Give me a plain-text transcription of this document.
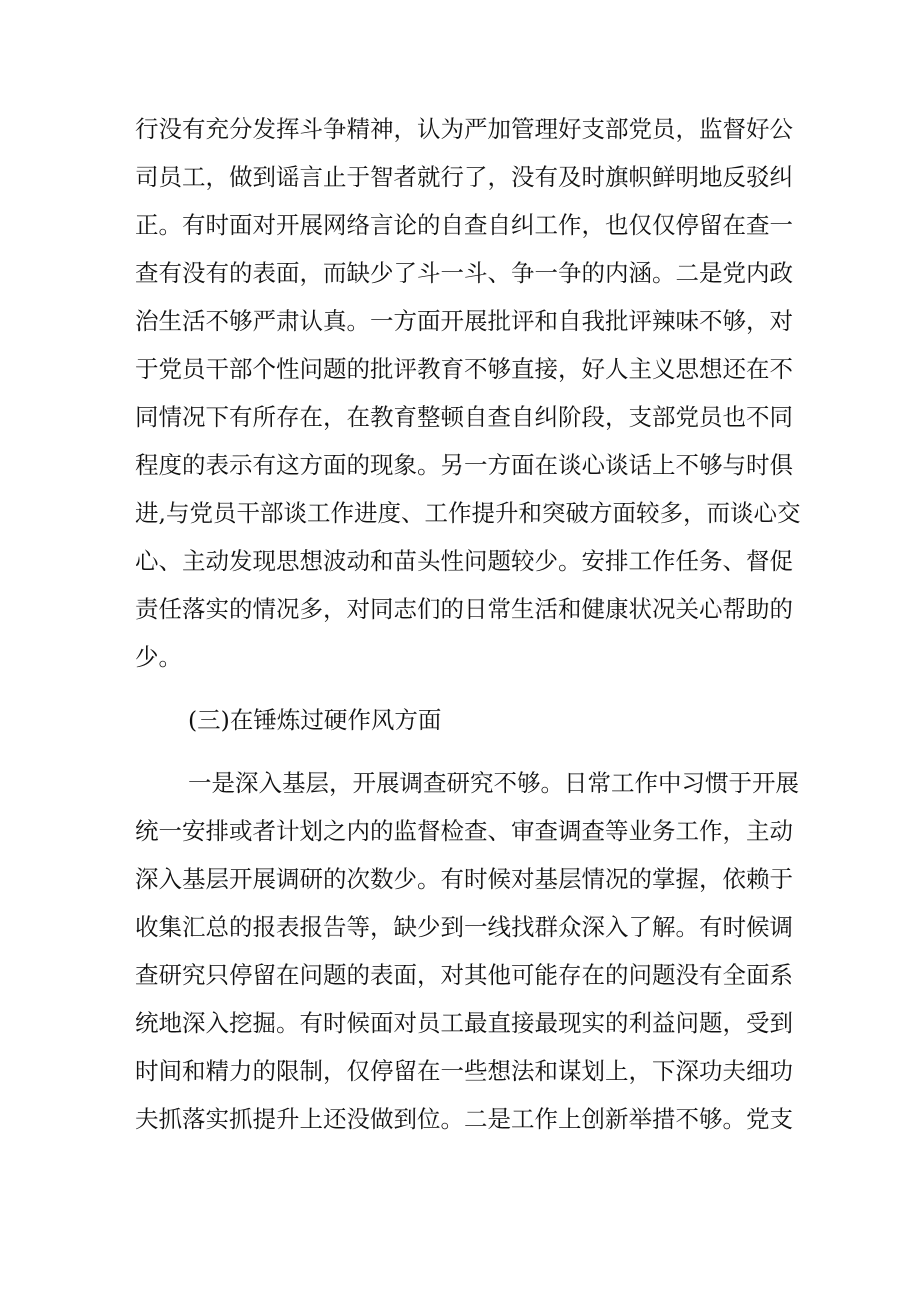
行没有充分发挥斗争精神，认为严加管理好支部党员，监督好公
司员工，做到谣言止于智者就行了，没有及时旗帜鲜明地反驳纠
正。有时面对开展网络言论的自查自纠工作，也仅仅停留在查一
查有没有的表面，而缺少了斗一斗、争一争的内涵。二是党内政
治生活不够严肃认真。一方面开展批评和自我批评辣味不够，对
于党员干部个性问题的批评教育不够直接，好人主义思想还在不
同情况下有所存在，在教育整顿自查自纠阶段，支部党员也不同
程度的表示有这方面的现象。另一方面在谈心谈话上不够与时俱
进,与党员干部谈工作进度、工作提升和突破方面较多，而谈心交
心、主动发现思想波动和苗头性问题较少。安排工作任务、督促
责任落实的情况多，对同志们的日常生活和健康状况关心帮助的
少。
(三)在锤炼过硬作风方面
一是深入基层，开展调查研究不够。日常工作中习惯于开展
统一安排或者计划之内的监督检查、审查调查等业务工作，主动
深入基层开展调研的次数少。有时候对基层情况的掌握，依赖于
收集汇总的报表报告等，缺少到一线找群众深入了解。有时候调
查研究只停留在问题的表面，对其他可能存在的问题没有全面系
统地深入挖掘。有时候面对员工最直接最现实的利益问题，受到
时间和精力的限制，仅停留在一些想法和谋划上，下深功夫细功
夫抓落实抓提升上还没做到位。二是工作上创新举措不够。党支
